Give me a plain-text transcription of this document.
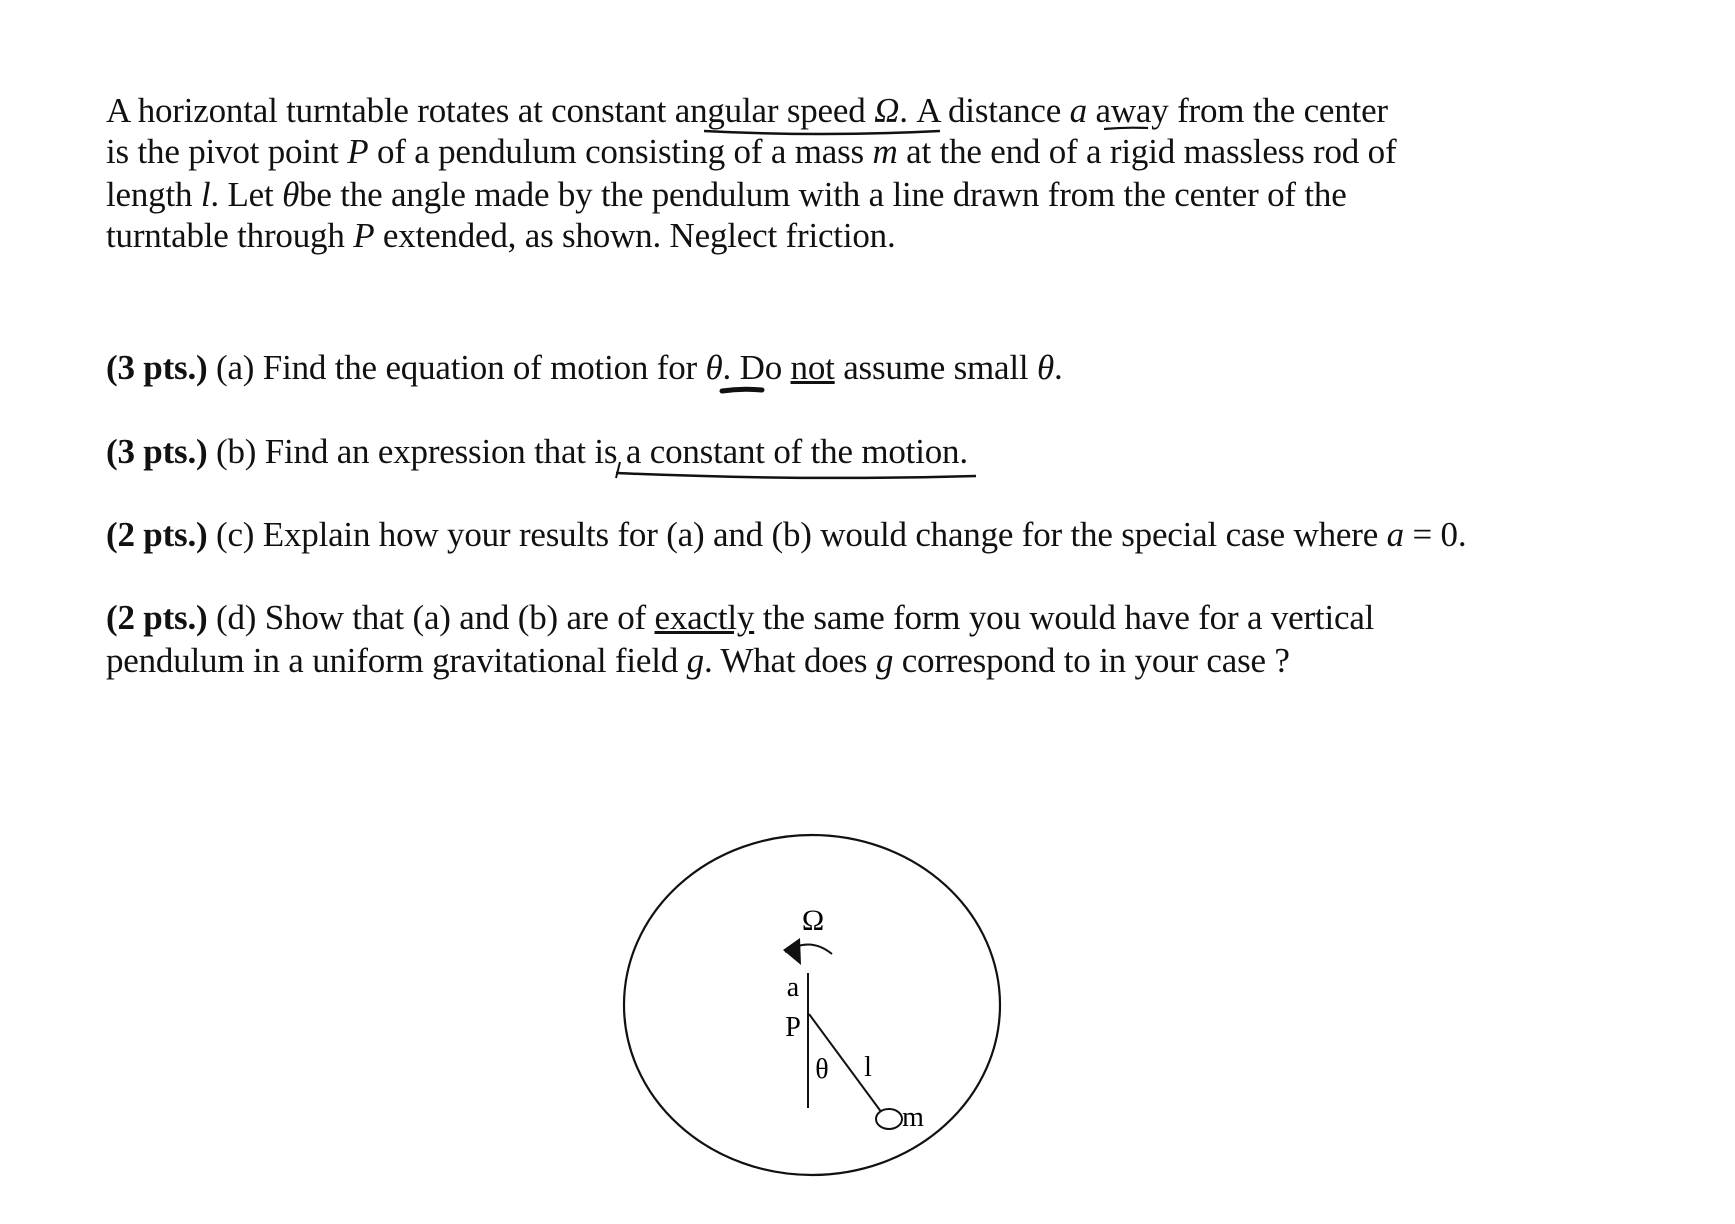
A horizontal turntable rotates at constant angular speed Ω. A distance a away from the center
is the pivot point P of a pendulum consisting of a mass m at the end of a rigid massless rod of
length l. Let θbe the angle made by the pendulum with a line drawn from the center of the
turntable through P extended, as shown. Neglect friction.
(3 pts.) (a) Find the equation of motion for θ. Do not assume small θ.
(3 pts.) (b) Find an expression that is a constant of the motion.
(2 pts.) (c) Explain how your results for (a) and (b) would change for the special case where a = 0.
(2 pts.) (d) Show that (a) and (b) are of exactly the same form you would have for a vertical
pendulum in a uniform gravitational field g. What does g correspond to in your case ?
Ω
a
P
θ l
m
